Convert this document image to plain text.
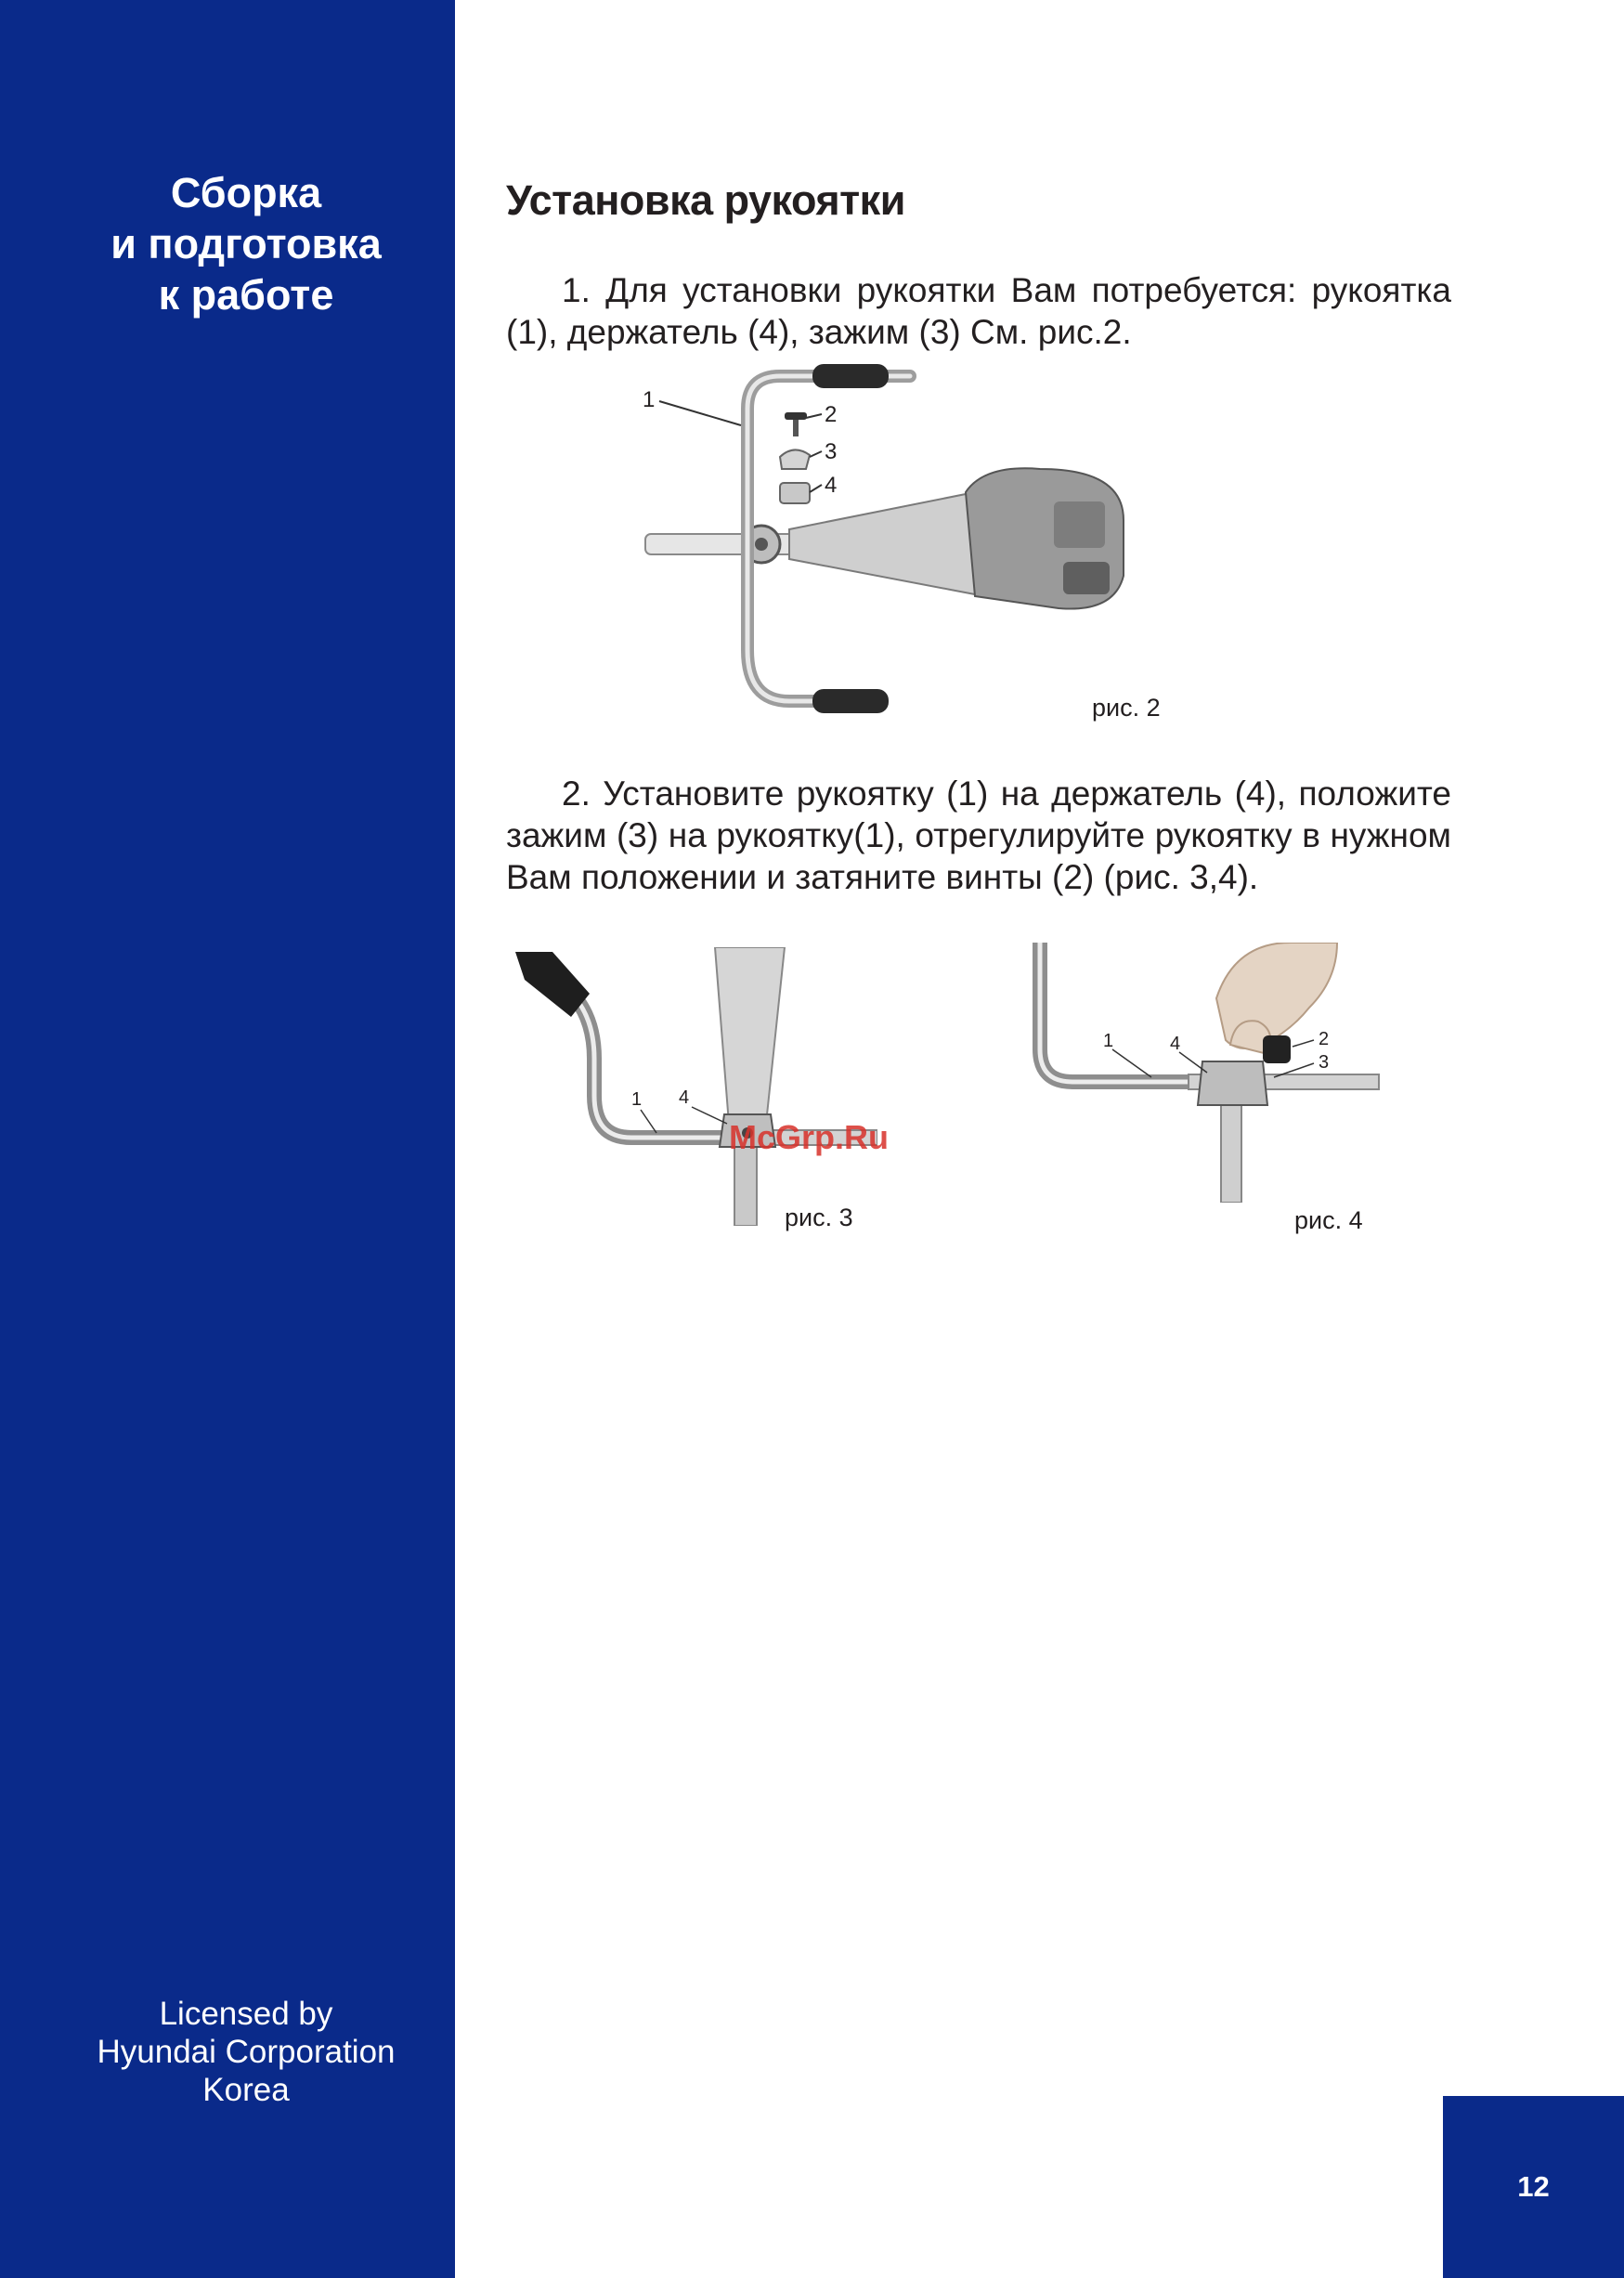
Сборка
и подготовка
к работе
Licensed by
Hyundai Corporation
Korea
12
Установка рукоятки
1. Для установки рукоятки Вам потребуется: рукоятка (1), держатель (4), зажим (3) См. рис.2.
1
2
3
4
рис. 2
2. Установите рукоятку (1) на держатель (4), положите зажим (3) на рукоятку(1), отрегулируйте рукоятку в нужном Вам положении и затяните винты (2) (рис. 3,4).
1 4
рис. 3
1	4	2
3
рис. 4
McGrp.Ru
